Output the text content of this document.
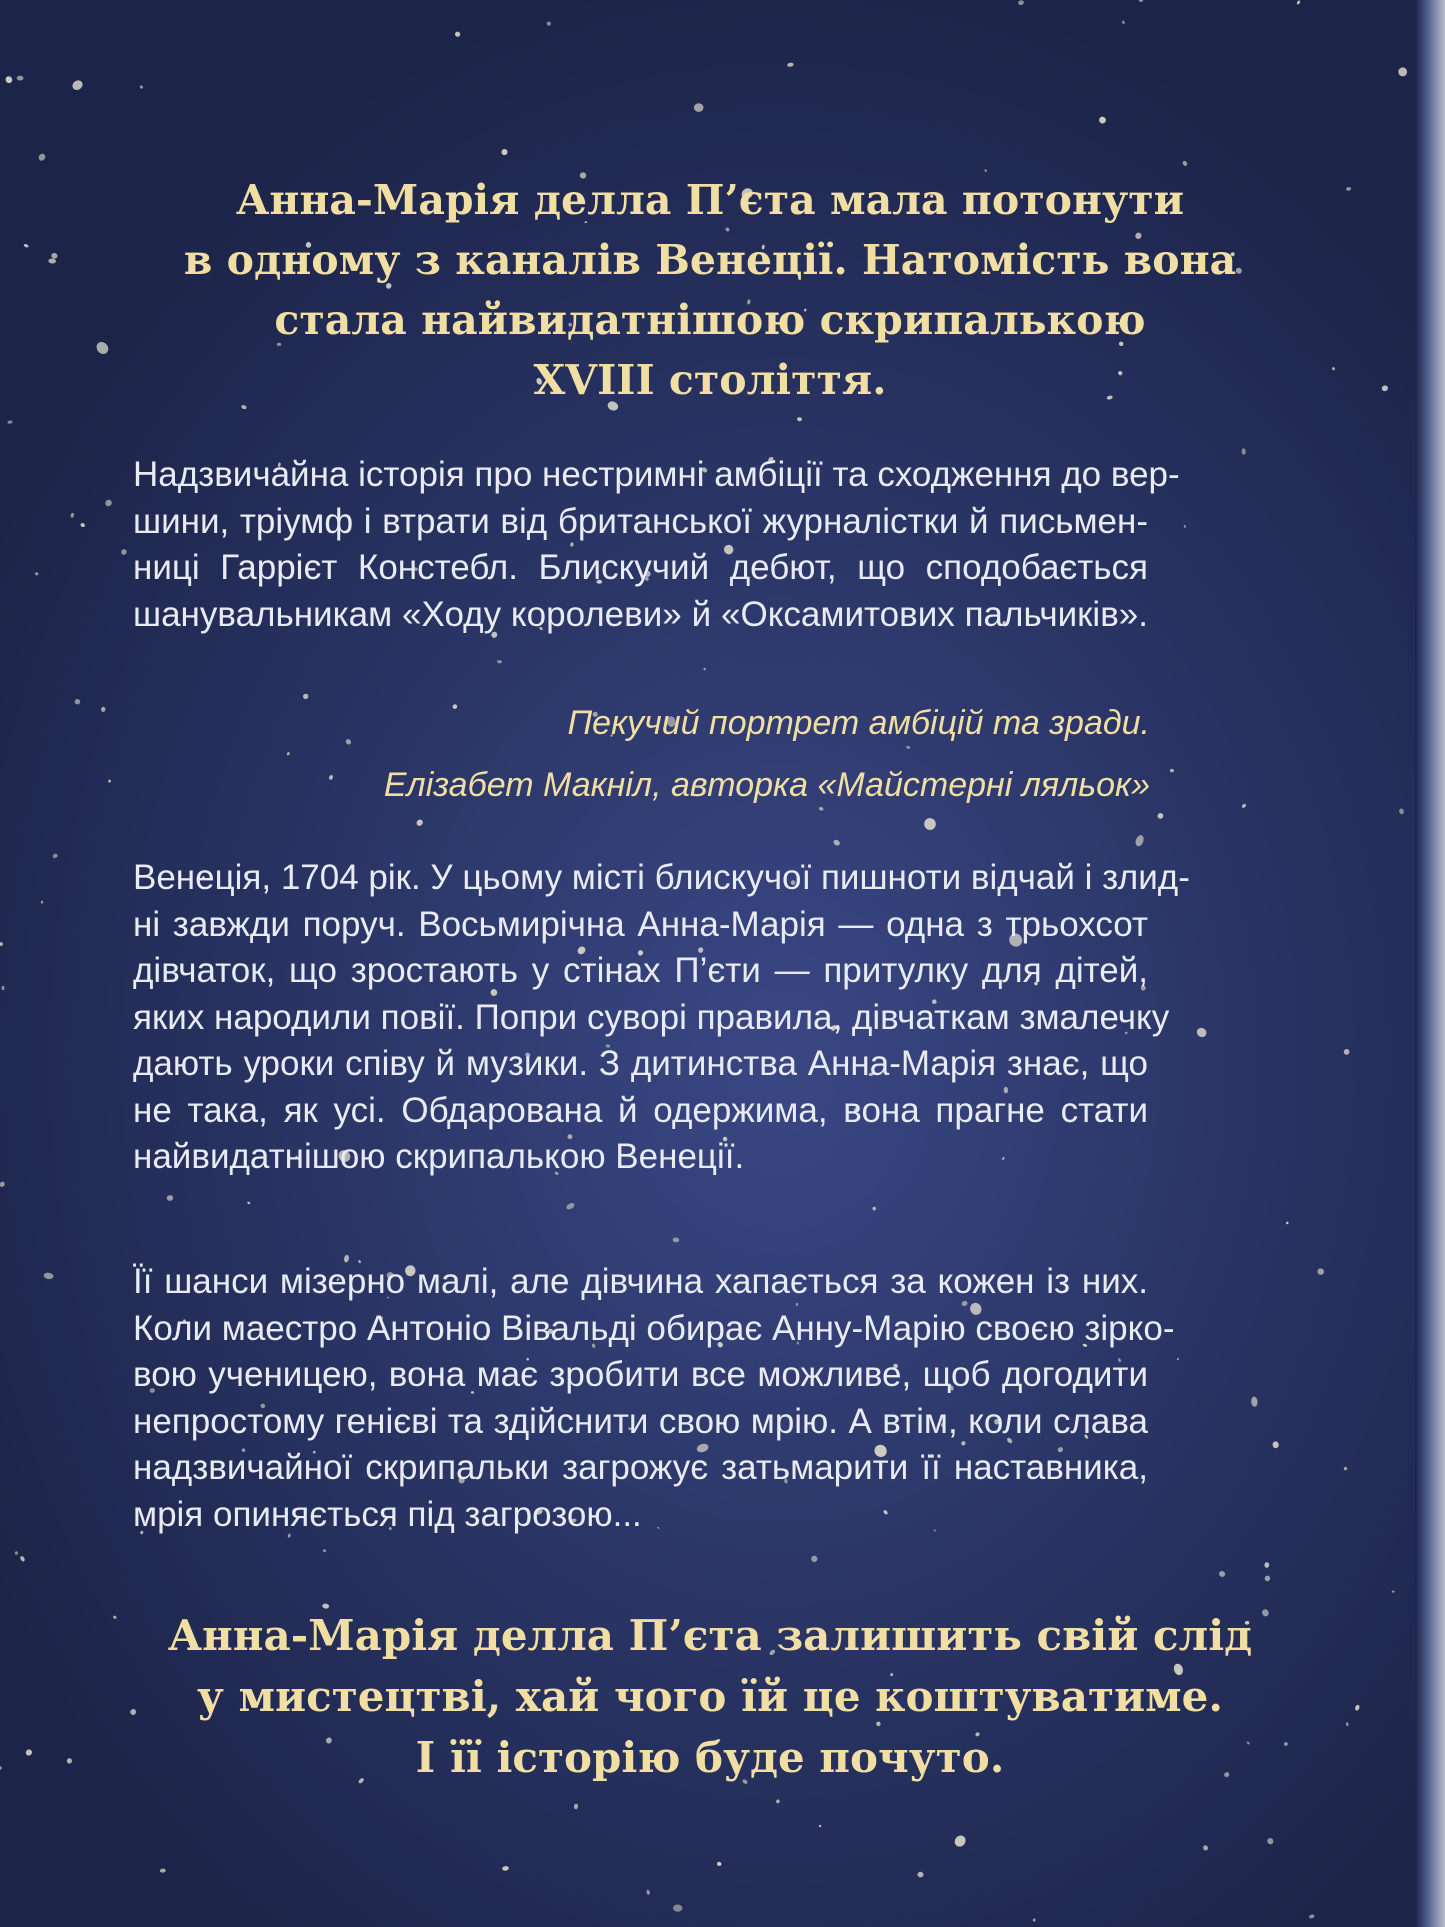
Анна-Марія делла П’єта мала потонути
в одному з каналів Венеції. Натомість вона
стала найвидатнішою скрипалькою
XVIII століття.

Надзвичайна історія про нестримні амбіції та сходження до вер-
шини, тріумф і втрати від британської журналістки й письмен-
ниці Гаррієт Констебл. Блискучий дебют, що сподобається
шанувальникам «Ходу королеви» й «Оксамитових пальчиків».

Пекучий портрет амбіцій та зради.

Елізабет Макніл, авторка «Майстерні ляльок»

Венеція, 1704 рік. У цьому місті блискучої пишноти відчай і злид-
ні завжди поруч. Восьмирічна Анна-Марія — одна з трьохсот
дівчаток, що зростають у стінах П’єти — притулку для дітей,
яких народили повії. Попри суворі правила, дівчаткам змалечку
дають уроки співу й музики. З дитинства Анна-Марія знає, що
не така, як усі. Обдарована й одержима, вона прагне стати
найвидатнішою скрипалькою Венеції.

Її шанси мізерно малі, але дівчина хапається за кожен із них.
Коли маестро Антоніо Вівальді обирає Анну-Марію своєю зірко-
вою ученицею, вона має зробити все можливе, щоб догодити
непростому генієві та здійснити свою мрію. А втім, коли слава
надзвичайної скрипальки загрожує затьмарити її наставника,
мрія опиняється під загрозою...

Анна-Марія делла П’єта залишить свій слід
у мистецтві, хай чого їй це коштуватиме.
І її історію буде почуто.
